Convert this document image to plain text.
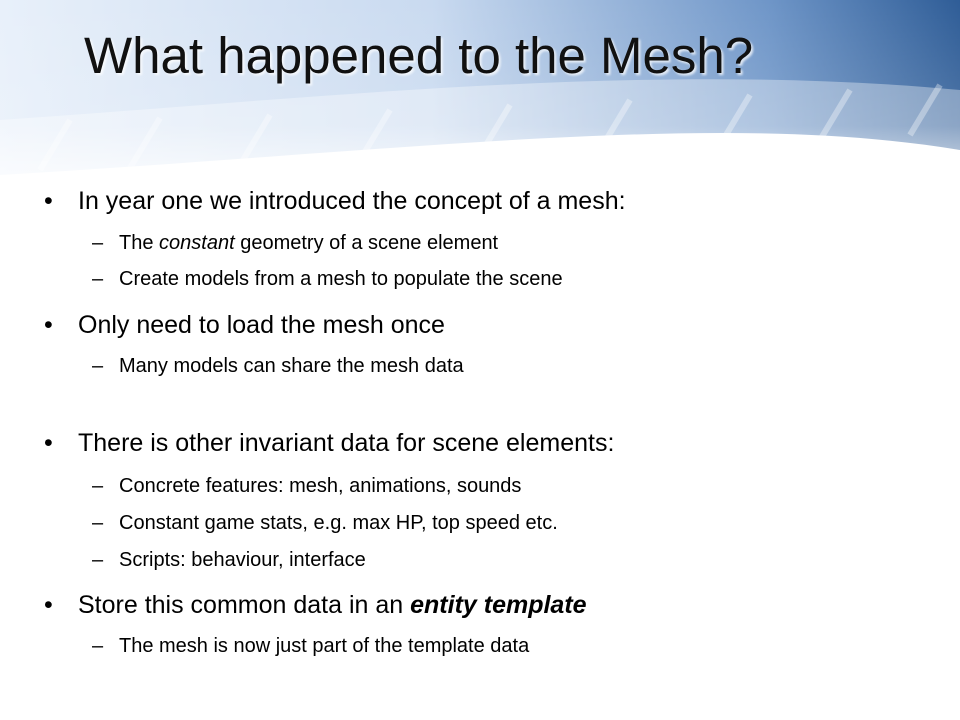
What happened to the Mesh?
•	In year one we introduced the concept of a mesh:
– The constant geometry of a scene element
– Create models from a mesh to populate the scene
•	Only need to load the mesh once
– Many models can share the mesh data
•	There is other invariant data for scene elements:
– Concrete features: mesh, animations, sounds
– Constant game stats, e.g. max HP, top speed etc.
– Scripts: behaviour, interface
•	Store this common data in an entity template
– The mesh is now just part of the template data
